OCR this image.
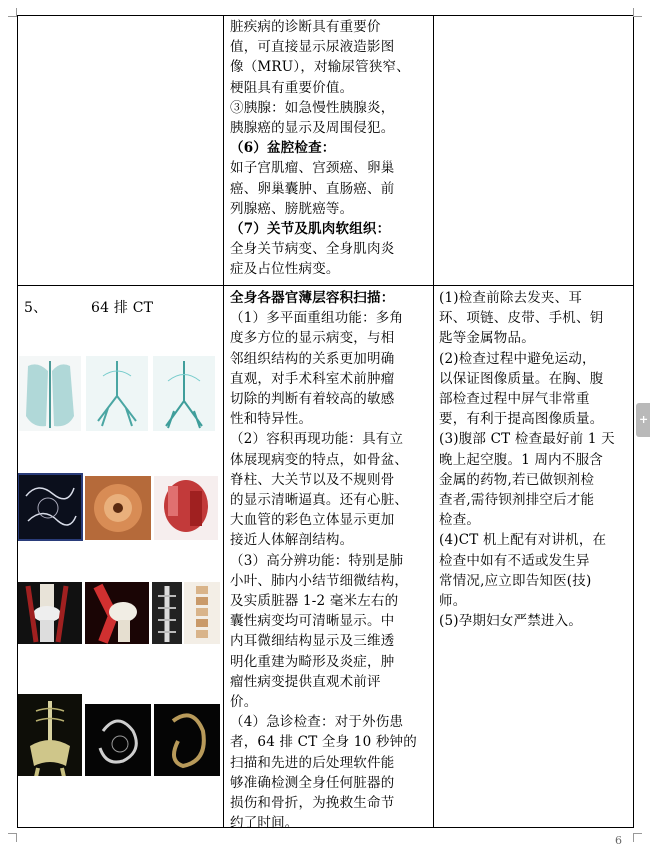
脏疾病的诊断具有重要价

值，可直接显示尿液造影图

像（MRU），对输尿管狭窄、

梗阻具有重要价值。

③胰腺：如急慢性胰腺炎，

胰腺癌的显示及周围侵犯。

（6）盆腔检查：

如子宫肌瘤、宫颈癌、卵巢

癌、卵巢囊肿、直肠癌、前

列腺癌、膀胱癌等。

（7）关节及肌肉软组织：

全身关节病变、全身肌肉炎

症及占位性病变。

5、	64 排 CT

全身各器官薄层容积扫描：

（1）多平面重组功能：多角

度多方位的显示病变，与相

邻组织结构的关系更加明确

直观，对手术科室术前肿瘤

切除的判断有着较高的敏感

性和特异性。

（2）容积再现功能：具有立

体展现病变的特点，如骨盆、

脊柱、大关节以及不规则骨

的显示清晰逼真。还有心脏、

大血管的彩色立体显示更加

接近人体解剖结构。

（3）高分辨功能：特别是肺

小叶、肺内小结节细微结构，

及实质脏器 1-2 毫米左右的

囊性病变均可清晰显示。中

内耳微细结构显示及三维透

明化重建为畸形及炎症，肿

瘤性病变提供直观术前评

价。

（4）急诊检查：对于外伤患

者，64 排 CT 全身 10 秒钟的

扫描和先进的后处理软件能

够准确检测全身任何脏器的

损伤和骨折，为挽救生命节

约了时间。

(1)检查前除去发夹、耳

环、项链、皮带、手机、钥

匙等金属物品。

(2)检查过程中避免运动，

以保证图像质量。在胸、腹

部检查过程中屏气非常重

要，有利于提高图像质量。

(3)腹部 CT 检查最好前 1 天

晚上起空腹。1 周内不服含

金属的药物,若已做钡剂检

查者,需待钡剂排空后才能

检查。

(4)CT 机上配有对讲机，在

检查中如有不适或发生异

常情况,应立即告知医(技)

师。

(5)孕期妇女严禁进入。

+
6
